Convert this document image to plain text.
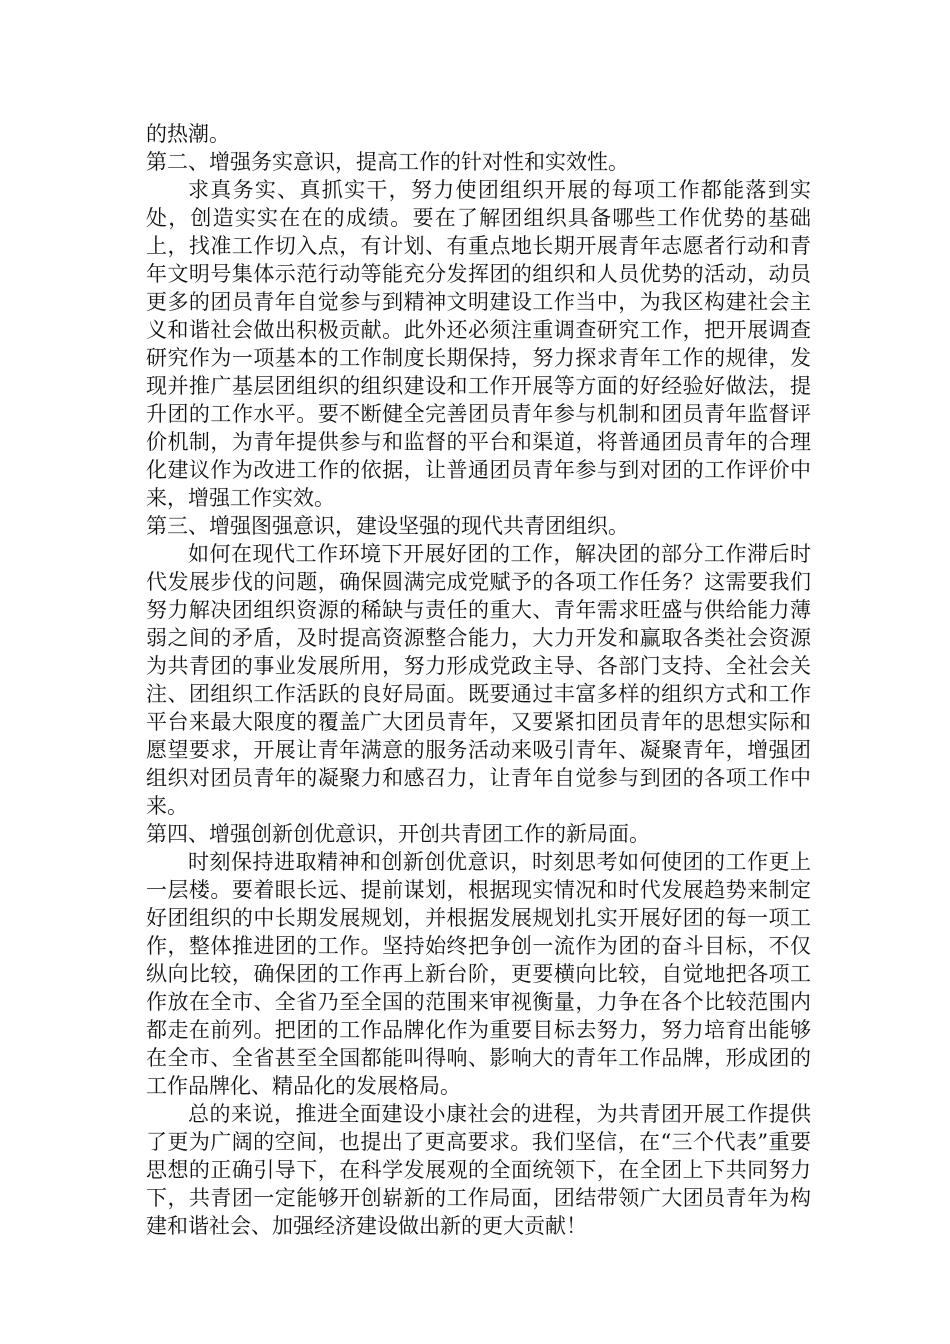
的热潮。

第二、增强务实意识，提高工作的针对性和实效性。

求真务实、真抓实干，努力使团组织开展的每项工作都能落到实处，创造实实在在的成绩。要在了解团组织具备哪些工作优势的基础上，找准工作切入点，有计划、有重点地长期开展青年志愿者行动和青年文明号集体示范行动等能充分发挥团的组织和人员优势的活动，动员更多的团员青年自觉参与到精神文明建设工作当中，为我区构建社会主义和谐社会做出积极贡献。此外还必须注重调查研究工作，把开展调查研究作为一项基本的工作制度长期保持，努力探求青年工作的规律，发现并推广基层团组织的组织建设和工作开展等方面的好经验好做法，提升团的工作水平。要不断健全完善团员青年参与机制和团员青年监督评价机制，为青年提供参与和监督的平台和渠道，将普通团员青年的合理化建议作为改进工作的依据，让普通团员青年参与到对团的工作评价中来，增强工作实效。

第三、增强图强意识，建设坚强的现代共青团组织。

如何在现代工作环境下开展好团的工作，解决团的部分工作滞后时代发展步伐的问题，确保圆满完成党赋予的各项工作任务？这需要我们努力解决团组织资源的稀缺与责任的重大、青年需求旺盛与供给能力薄弱之间的矛盾，及时提高资源整合能力，大力开发和赢取各类社会资源为共青团的事业发展所用，努力形成党政主导、各部门支持、全社会关注、团组织工作活跃的良好局面。既要通过丰富多样的组织方式和工作平台来最大限度的覆盖广大团员青年，又要紧扣团员青年的思想实际和愿望要求，开展让青年满意的服务活动来吸引青年、凝聚青年，增强团组织对团员青年的凝聚力和感召力，让青年自觉参与到团的各项工作中来。

第四、增强创新创优意识，开创共青团工作的新局面。

时刻保持进取精神和创新创优意识，时刻思考如何使团的工作更上一层楼。要着眼长远、提前谋划，根据现实情况和时代发展趋势来制定好团组织的中长期发展规划，并根据发展规划扎实开展好团的每一项工作，整体推进团的工作。坚持始终把争创一流作为团的奋斗目标，不仅纵向比较，确保团的工作再上新台阶，更要横向比较，自觉地把各项工作放在全市、全省乃至全国的范围来审视衡量，力争在各个比较范围内都走在前列。把团的工作品牌化作为重要目标去努力，努力培育出能够在全市、全省甚至全国都能叫得响、影响大的青年工作品牌，形成团的工作品牌化、精品化的发展格局。

总的来说，推进全面建设小康社会的进程，为共青团开展工作提供了更为广阔的空间，也提出了更高要求。我们坚信，在“三个代表”重要思想的正确引导下，在科学发展观的全面统领下，在全团上下共同努力下，共青团一定能够开创崭新的工作局面，团结带领广大团员青年为构建和谐社会、加强经济建设做出新的更大贡献！
